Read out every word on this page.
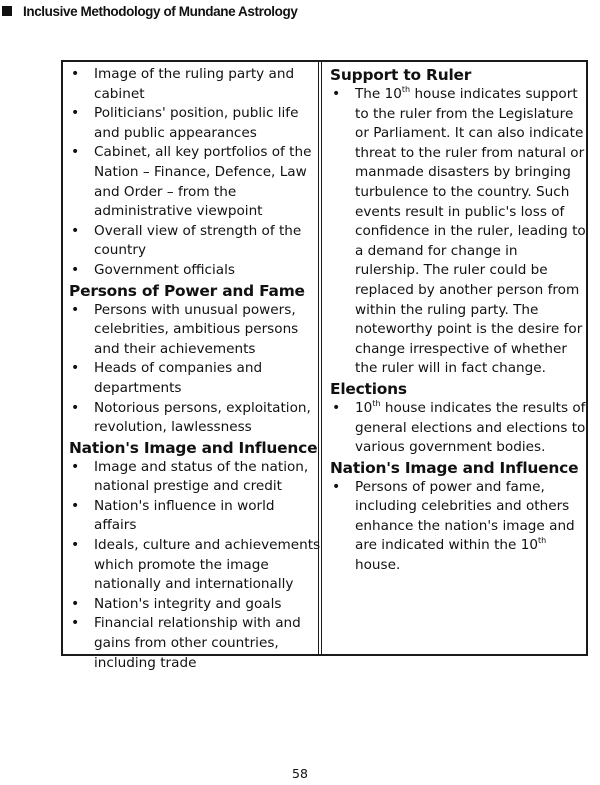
Inclusive Methodology of Mundane Astrology
• Image of the ruling party and cabinet
• Politicians' position, public life and public appearances
• Cabinet, all key portfolios of the Nation – Finance, Defence, Law and Order – from the administrative viewpoint
• Overall view of strength of the country
• Government officials
Persons of Power and Fame
• Persons with unusual powers, celebrities, ambitious persons and their achievements
• Heads of companies and departments
• Notorious persons, exploitation, revolution, lawlessness
Nation's Image and Influence
• Image and status of the nation, national prestige and credit
• Nation's influence in world affairs
• Ideals, culture and achievements which promote the image nationally and internationally
• Nation's integrity and goals
• Financial relationship with and gains from other countries, including trade
Support to Ruler
• The 10th house indicates support to the ruler from the Legislature or Parliament. It can also indicate threat to the ruler from natural or manmade disasters by bringing turbulence to the country. Such events result in public's loss of confidence in the ruler, leading to a demand for change in rulership. The ruler could be replaced by another person from within the ruling party. The noteworthy point is the desire for change irrespective of whether the ruler will in fact change.
Elections
• 10th house indicates the results of general elections and elections to various government bodies.
Nation's Image and Influence
• Persons of power and fame, including celebrities and others enhance the nation's image and are indicated within the 10th house.
58
